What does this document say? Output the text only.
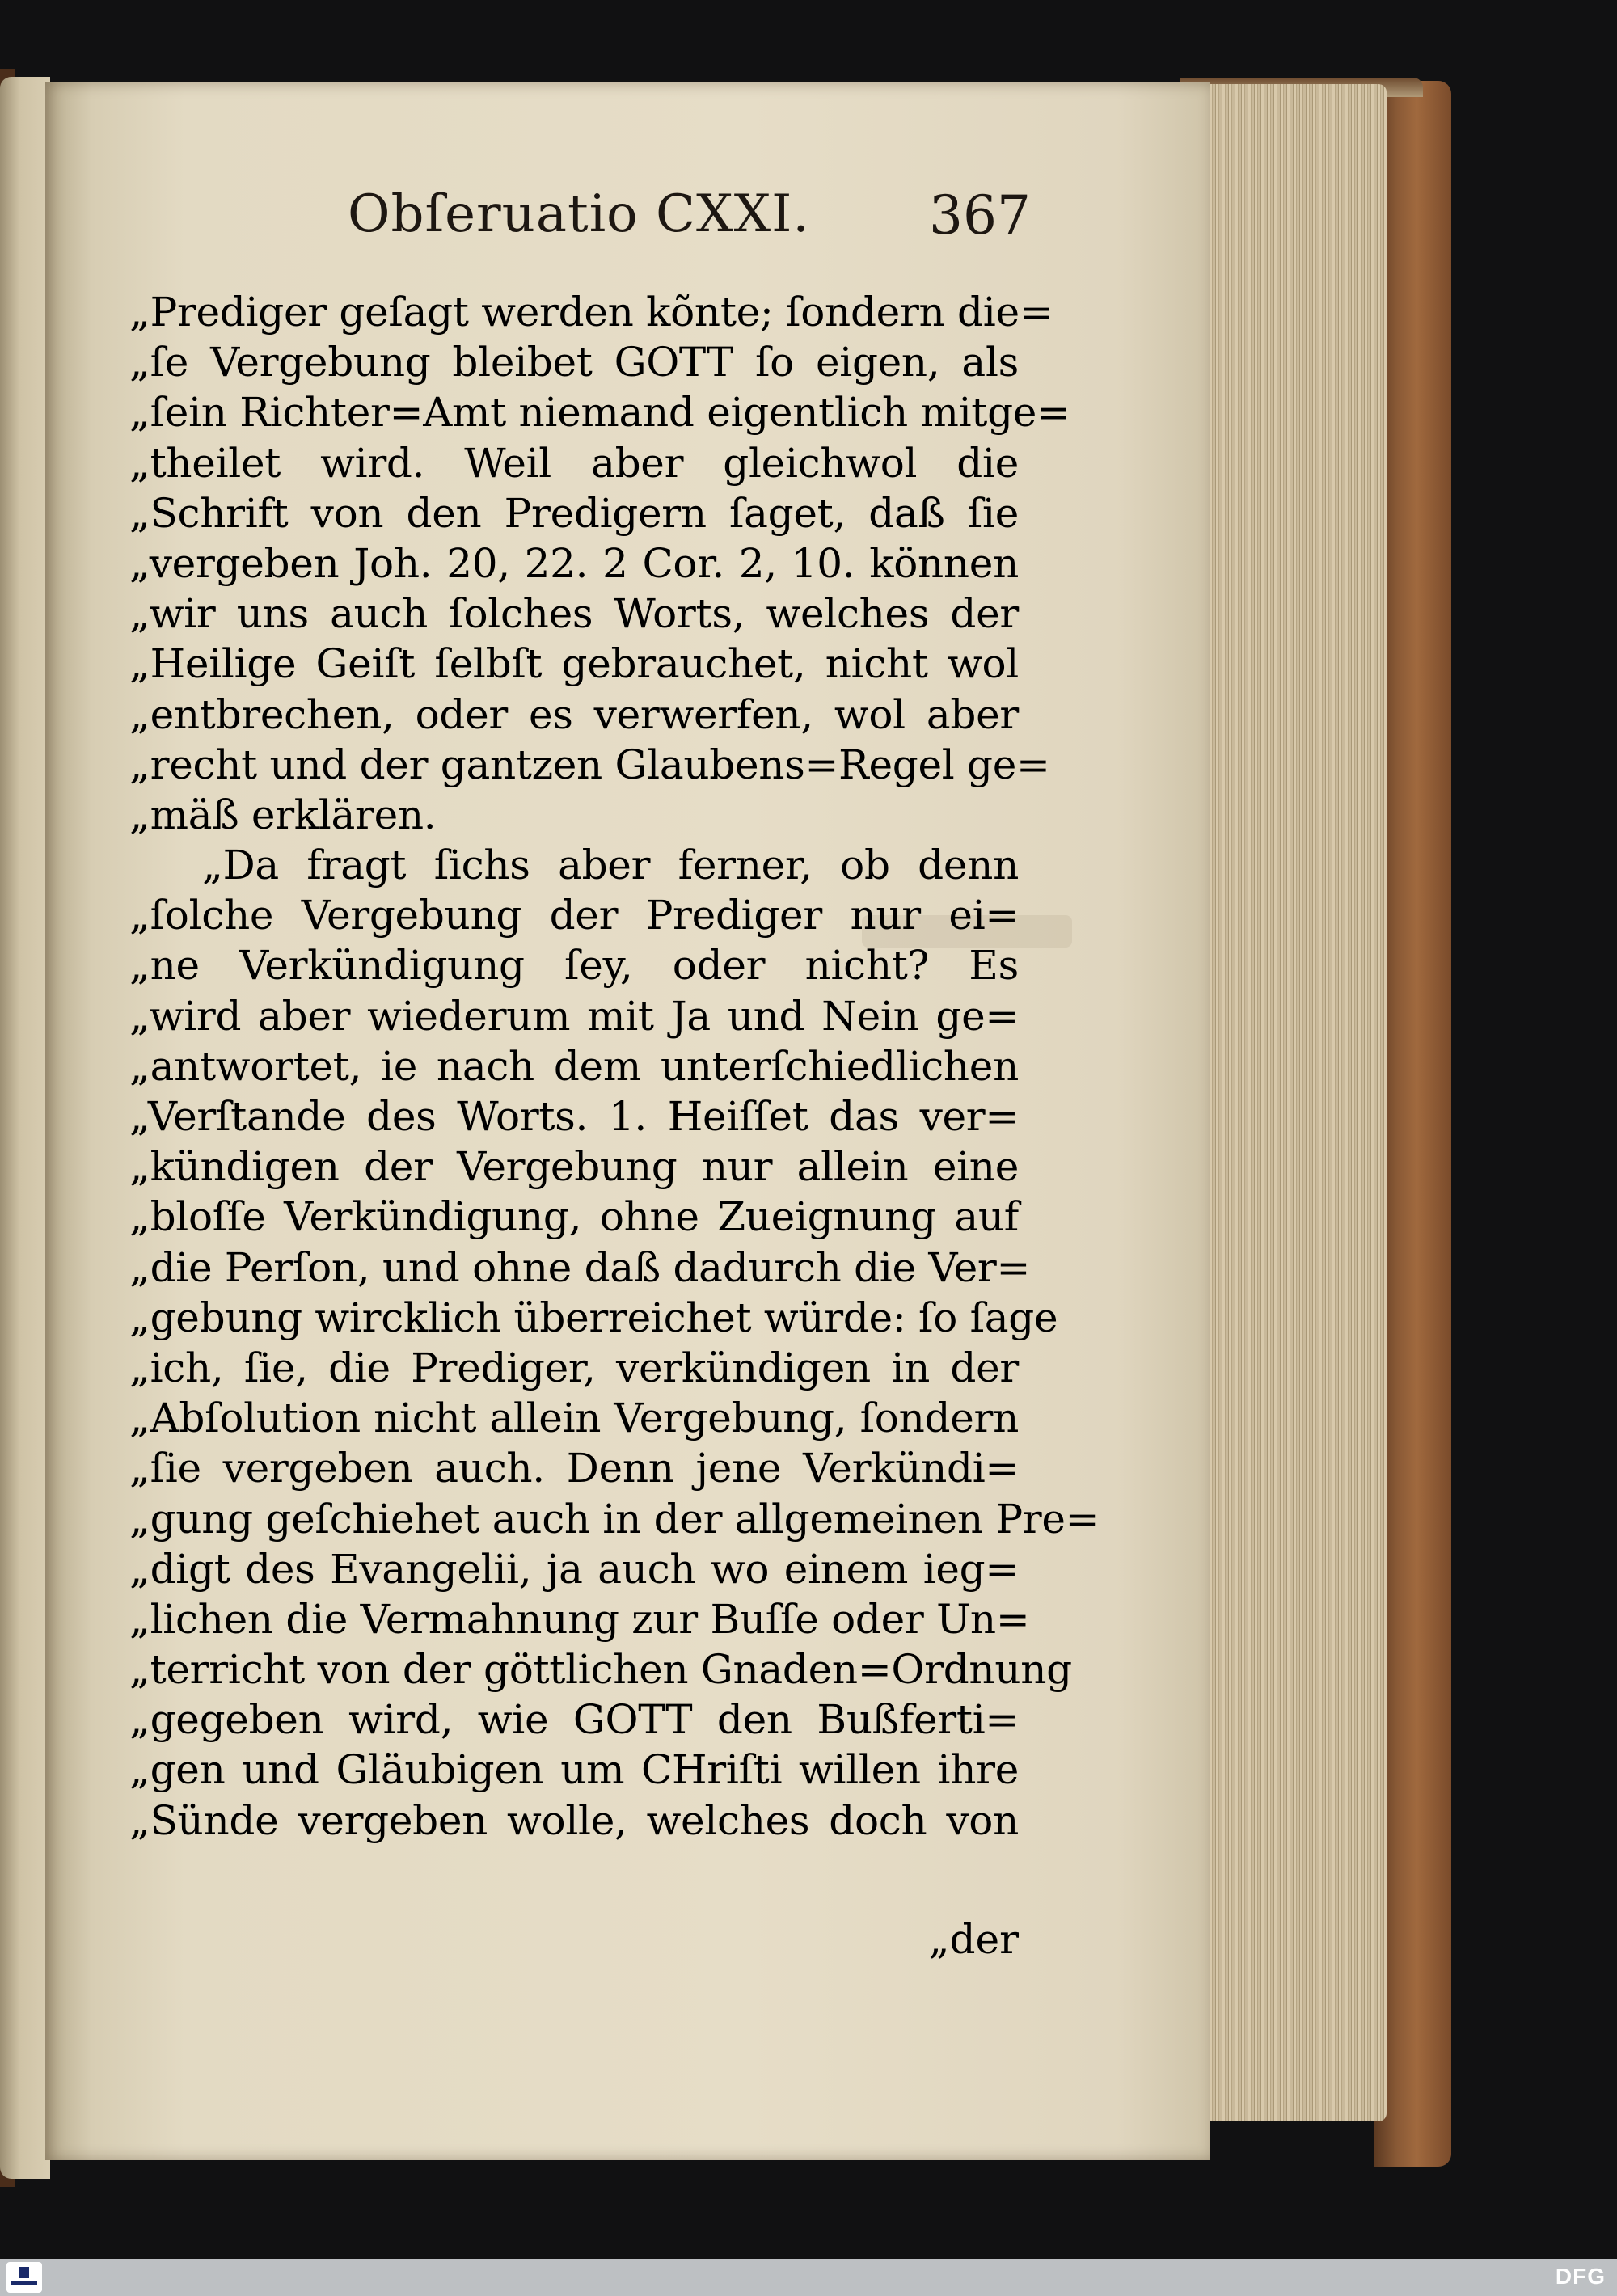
Obſeruatio CXXI. 367
„Prediger geſagt werden kõnte; ſondern die=
„ſe Vergebung bleibet GOTT ſo eigen, als
„ſein Richter=Amt niemand eigentlich mitge=
„theilet wird. Weil aber gleichwol die
„Schrift von den Predigern ſaget, daß ſie
„vergeben Joh. 20, 22. 2 Cor. 2, 10. können
„wir uns auch ſolches Worts, welches der
„Heilige Geiſt ſelbſt gebrauchet, nicht wol
„entbrechen, oder es verwerfen, wol aber
„recht und der gantzen Glaubens=Regel ge=
„mäß erklären.
„Da fragt ſichs aber ferner, ob denn
„ſolche Vergebung der Prediger nur ei=
„ne Verkündigung ſey, oder nicht? Es
„wird aber wiederum mit Ja und Nein ge=
„antwortet, ie nach dem unterſchiedlichen
„Verſtande des Worts. 1. Heiſſet das ver=
„kündigen der Vergebung nur allein eine
„bloſſe Verkündigung, ohne Zueignung auf
„die Perſon, und ohne daß dadurch die Ver=
„gebung wircklich überreichet würde: ſo ſage
„ich, ſie, die Prediger, verkündigen in der
„Abſolution nicht allein Vergebung, ſondern
„ſie vergeben auch. Denn jene Verkündi=
„gung geſchiehet auch in der allgemeinen Pre=
„digt des Evangelii, ja auch wo einem ieg=
„lichen die Vermahnung zur Buſſe oder Un=
„terricht von der göttlichen Gnaden=Ordnung
„gegeben wird, wie GOTT den Bußferti=
„gen und Gläubigen um CHriſti willen ihre
„Sünde vergeben wolle, welches doch von
„der
DFG
